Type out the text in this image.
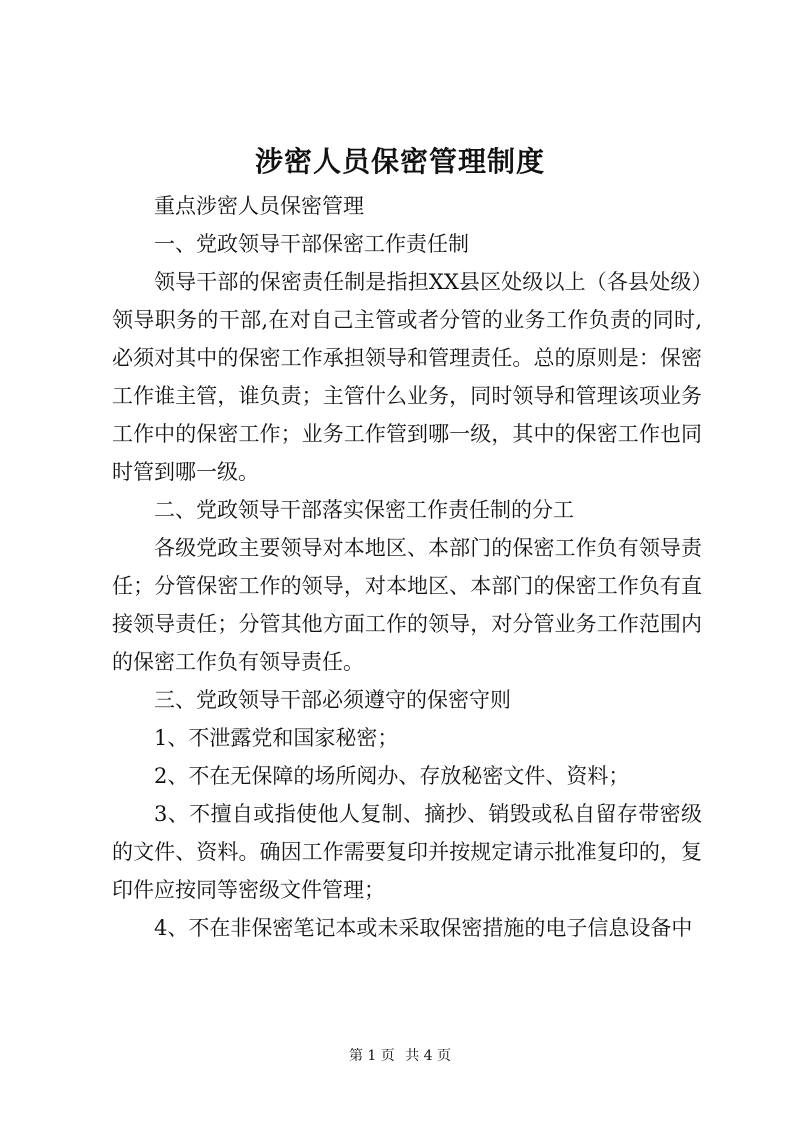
涉密人员保密管理制度

重点涉密人员保密管理

一、党政领导干部保密工作责任制

领导干部的保密责任制是指担XX县区处级以上（各县处级）领导职务的干部,在对自己主管或者分管的业务工作负责的同时,必须对其中的保密工作承担领导和管理责任。总的原则是：保密工作谁主管，谁负责；主管什么业务，同时领导和管理该项业务工作中的保密工作；业务工作管到哪一级，其中的保密工作也同时管到哪一级。

二、党政领导干部落实保密工作责任制的分工

各级党政主要领导对本地区、本部门的保密工作负有领导责任；分管保密工作的领导，对本地区、本部门的保密工作负有直接领导责任；分管其他方面工作的领导，对分管业务工作范围内的保密工作负有领导责任。

三、党政领导干部必须遵守的保密守则

1、不泄露党和国家秘密；

2、不在无保障的场所阅办、存放秘密文件、资料；

3、不擅自或指使他人复制、摘抄、销毁或私自留存带密级的文件、资料。确因工作需要复印并按规定请示批准复印的，复印件应按同等密级文件管理；

4、不在非保密笔记本或未采取保密措施的电子信息设备中

第 1 页 共 4 页
